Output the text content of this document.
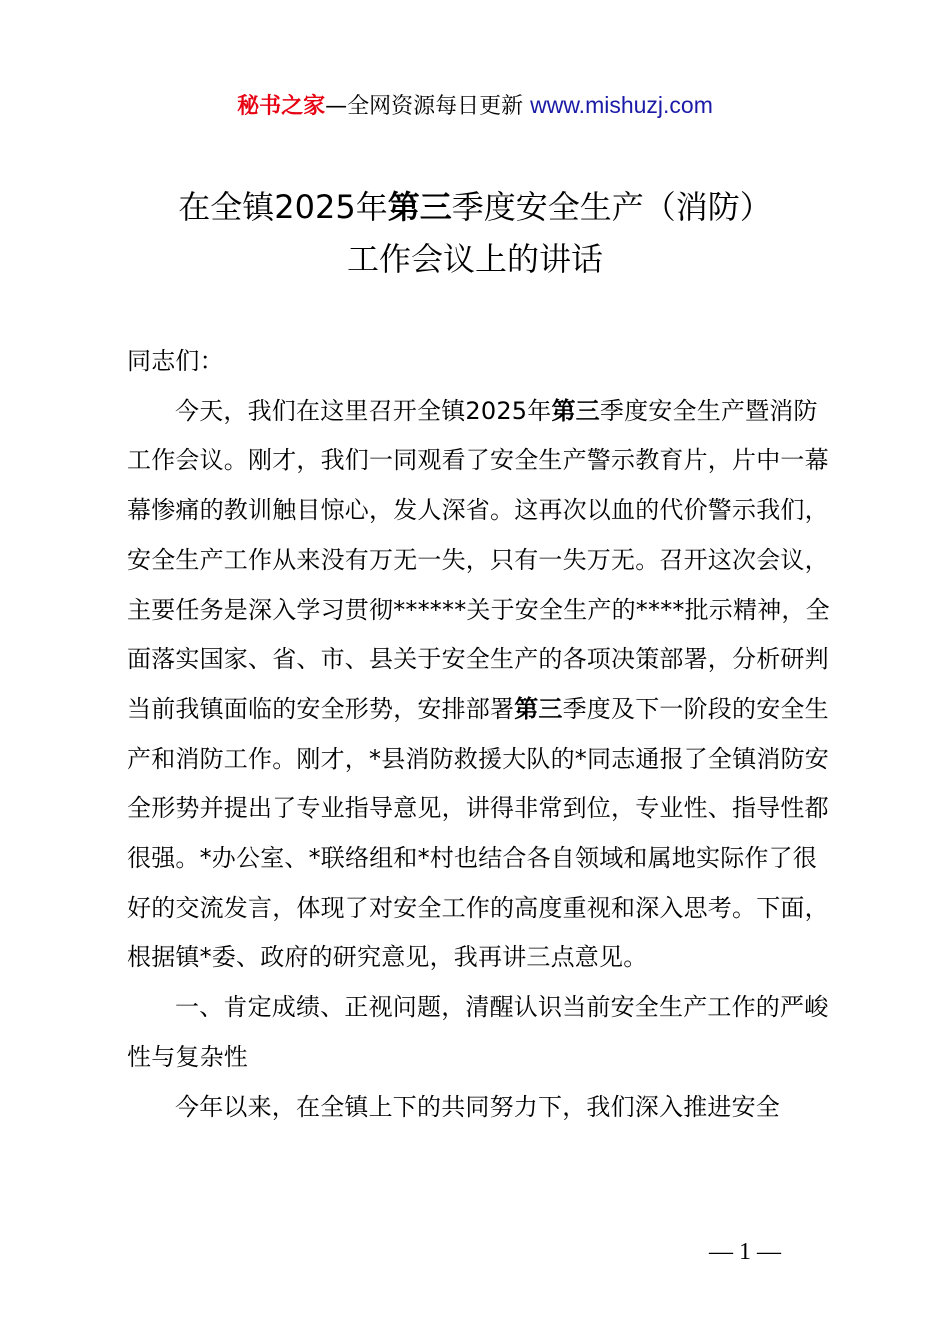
秘书之家—全网资源每日更新 www.mishuzj.com
在全镇2025年第三季度安全生产（消防）
工作会议上的讲话

同志们：

今天，我们在这里召开全镇2025年第三季度安全生产暨消防工作会议。刚才，我们一同观看了安全生产警示教育片，片中一幕幕惨痛的教训触目惊心，发人深省。这再次以血的代价警示我们，安全生产工作从来没有万无一失，只有一失万无。召开这次会议，主要任务是深入学习贯彻******关于安全生产的****批示精神，全面落实国家、省、市、县关于安全生产的各项决策部署，分析研判当前我镇面临的安全形势，安排部署第三季度及下一阶段的安全生产和消防工作。刚才，*县消防救援大队的*同志通报了全镇消防安全形势并提出了专业指导意见，讲得非常到位，专业性、指导性都很强。*办公室、*联络组和*村也结合各自领域和属地实际作了很好的交流发言，体现了对安全工作的高度重视和深入思考。下面，根据镇*委、政府的研究意见，我再讲三点意见。

一、肯定成绩、正视问题，清醒认识当前安全生产工作的严峻性与复杂性

今年以来，在全镇上下的共同努力下，我们深入推进安全

— 1 —
